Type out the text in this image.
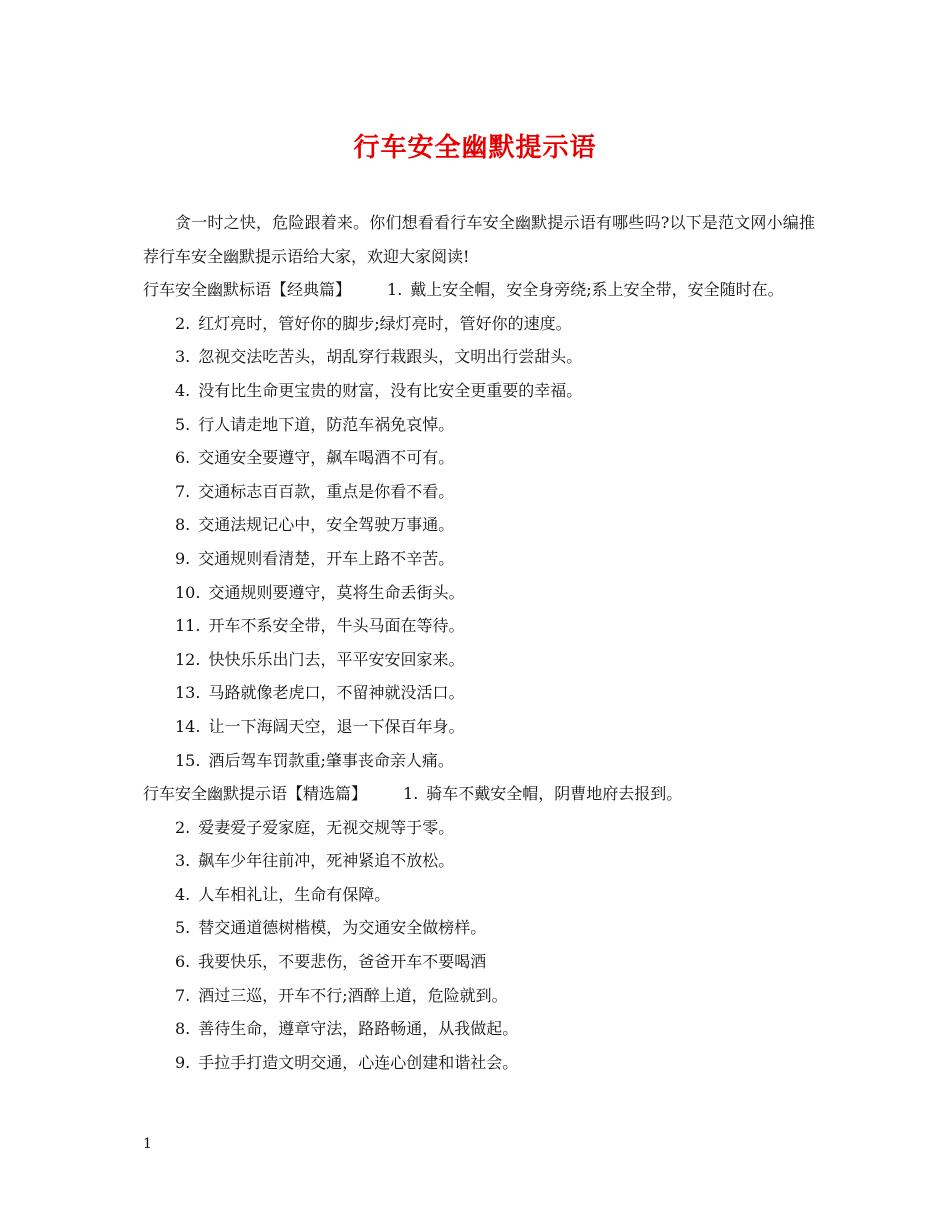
行车安全幽默提示语

贪一时之快，危险跟着来。你们想看看行车安全幽默提示语有哪些吗?以下是范文网小编推荐行车安全幽默提示语给大家，欢迎大家阅读!

行车安全幽默标语【经典篇】 1. 戴上安全帽，安全身旁绕;系上安全带，安全随时在。

2. 红灯亮时，管好你的脚步;绿灯亮时，管好你的速度。

3. 忽视交法吃苦头，胡乱穿行栽跟头，文明出行尝甜头。

4. 没有比生命更宝贵的财富，没有比安全更重要的幸福。

5. 行人请走地下道，防范车祸免哀悼。

6. 交通安全要遵守，飙车喝酒不可有。

7. 交通标志百百款，重点是你看不看。

8. 交通法规记心中，安全驾驶万事通。

9. 交通规则看清楚，开车上路不辛苦。

10. 交通规则要遵守，莫将生命丢街头。

11. 开车不系安全带，牛头马面在等待。

12. 快快乐乐出门去，平平安安回家来。

13. 马路就像老虎口，不留神就没活口。

14. 让一下海阔天空，退一下保百年身。

15. 酒后驾车罚款重;肇事丧命亲人痛。

行车安全幽默提示语【精选篇】 1. 骑车不戴安全帽，阴曹地府去报到。

2. 爱妻爱子爱家庭，无视交规等于零。

3. 飙车少年往前冲，死神紧追不放松。

4. 人车相礼让，生命有保障。

5. 替交通道德树楷模，为交通安全做榜样。

6. 我要快乐，不要悲伤，爸爸开车不要喝酒

7. 酒过三巡，开车不行;酒醉上道，危险就到。

8. 善待生命，遵章守法，路路畅通，从我做起。

9. 手拉手打造文明交通，心连心创建和谐社会。

1
